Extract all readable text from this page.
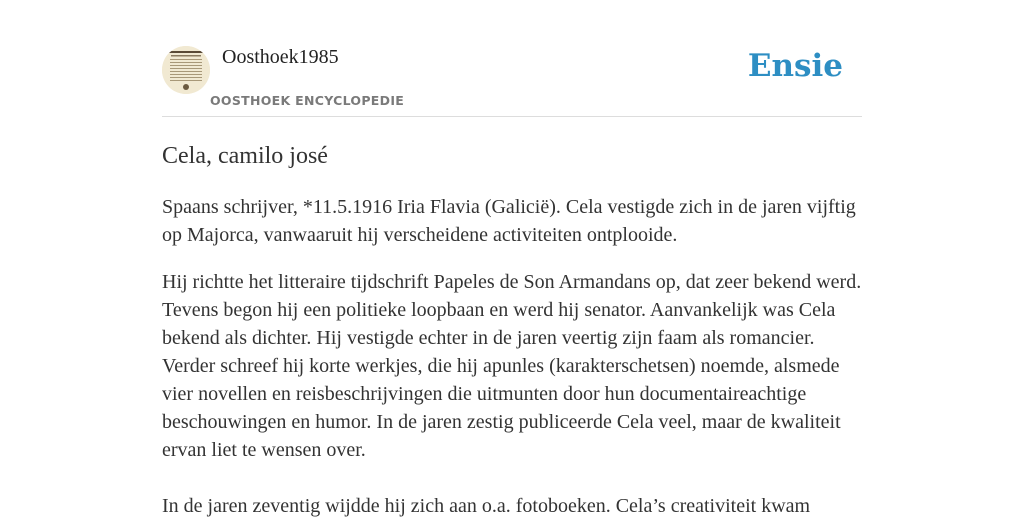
Oosthoek1985
OOSTHOEK ENCYCLOPEDIE
Ensie
Cela, camilo josé

Spaans schrijver, *11.5.1916 Iria Flavia (Galicië). Cela vestigde zich in de jaren vijftig op Majorca, vanwaaruit hij verscheidene activiteiten ontplooide.

Hij richtte het litteraire tijdschrift Papeles de Son Armandans op, dat zeer bekend werd. Tevens begon hij een politieke loopbaan en werd hij senator. Aanvankelijk was Cela bekend als dichter. Hij vestigde echter in de jaren veertig zijn faam als romancier. Verder schreef hij korte werkjes, die hij apunles (karakterschetsen) noemde, alsmede vier novellen en reisbeschrijvingen die uitmunten door hun documentaireachtige beschouwingen en humor. In de jaren zestig publiceerde Cela veel, maar de kwaliteit ervan liet te wensen over.

In de jaren zeventig wijdde hij zich aan o.a. fotoboeken. Cela’s creativiteit kwam
